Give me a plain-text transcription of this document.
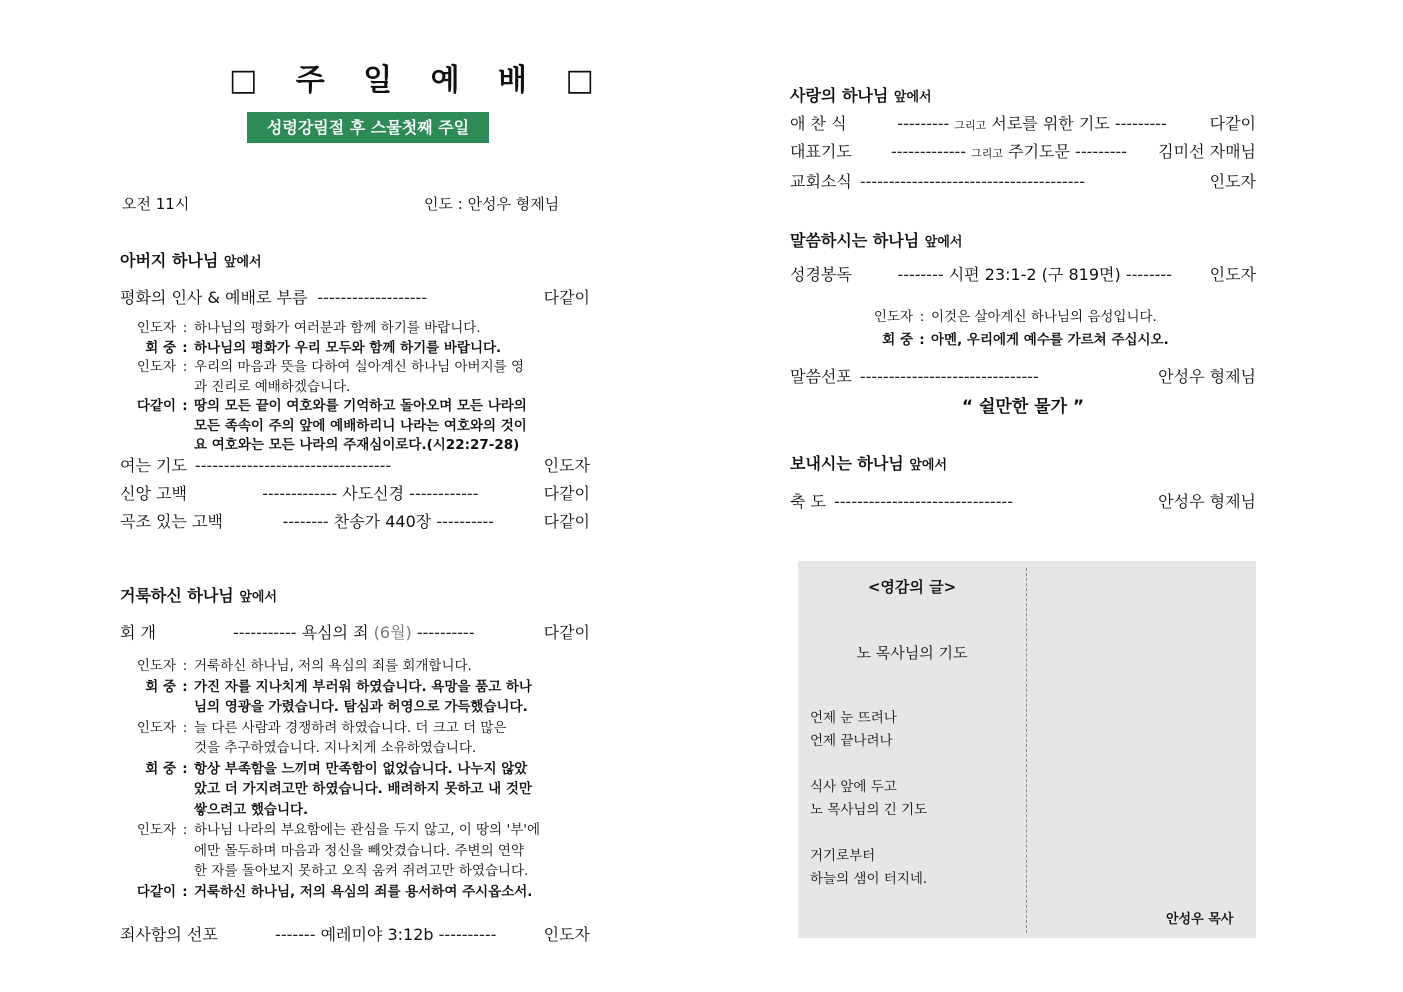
□ 주 일 예 배 □
성령강림절 후 스물첫째 주일
오전 11시	인도 : 안성우 형제님
아버지 하나님 앞에서
평화의 인사 & 예배로 부름 -------------------	다같이
인도자:하나님의 평화가 여러분과 함께 하기를 바랍니다.
회 중:하나님의 평화가 우리 모두와 함께 하기를 바랍니다.
인도자:우리의 마음과 뜻을 다하여 실아계신 하나님 아버지를 영
과 진리로 예배하겠습니다.
다같이:땅의 모든 끝이 여호와를 기억하고 돌아오며 모든 나라의
모든 족속이 주의 앞에 예배하리니 나라는 여호와의 것이
요 여호와는 모든 나라의 주재심이로다.(시22:27-28)
여는 기도 ----------------------------------	인도자
신앙 고백	------------- 사도신경 ------------	다같이
곡조 있는 고백	-------- 찬송가 440장 ----------	다같이
거룩하신 하나님 앞에서
회 개	----------- 욕심의 죄 (6월) ----------	다같이
인도자:거룩하신 하나님, 저의 욕심의 죄를 회개합니다.
회 중:가진 자를 지나치게 부러워 하였습니다. 욕망을 품고 하나
님의 영광을 가렸습니다. 탐심과 허영으로 가득했습니다.
인도자:늘 다른 사람과 경쟁하려 하였습니다. 더 크고 더 많은
것을 추구하였습니다. 지나치게 소유하였습니다.
회 중:항상 부족함을 느끼며 만족함이 없었습니다. 나누지 않았
았고 더 가지려고만 하였습니다. 배려하지 못하고 내 것만
쌓으려고 했습니다.
인도자:하나님 나라의 부요함에는 관심을 두지 않고, 이 땅의 '부'에
에만 몰두하며 마음과 정신을 빼앗겼습니다. 주변의 연약
한 자를 돌아보지 못하고 오직 움켜 쥐려고만 하였습니다.
다같이:거룩하신 하나님, 저의 욕심의 죄를 용서하여 주시옵소서.
죄사함의 선포	------- 예레미야 3:12b ----------	인도자
사랑의 하나님 앞에서
애 찬 식	--------- 그리고 서로를 위한 기도 ---------	다같이
대표기도	------------- 그리고 주기도문 ---------	김미선 자매님
교회소식 ---------------------------------------	인도자
말씀하시는 하나님 앞에서
성경봉독	-------- 시편 23:1-2 (구 819면) --------	인도자
인도자:이것은 살아계신 하나님의 음성입니다.
회 중:아멘, 우리에게 예수를 가르쳐 주십시오.
말씀선포 -------------------------------	안성우 형제님
“ 쉴만한 물가 ”
보내시는 하나님 앞에서
축 도 -------------------------------	안성우 형제님
<영감의 글>
노 목사님의 기도
언제 눈 뜨려나
언제 끝나려나

식사 앞에 두고
노 목사님의 긴 기도

거기로부터
하늘의 샘이 터지네.
안성우 목사
